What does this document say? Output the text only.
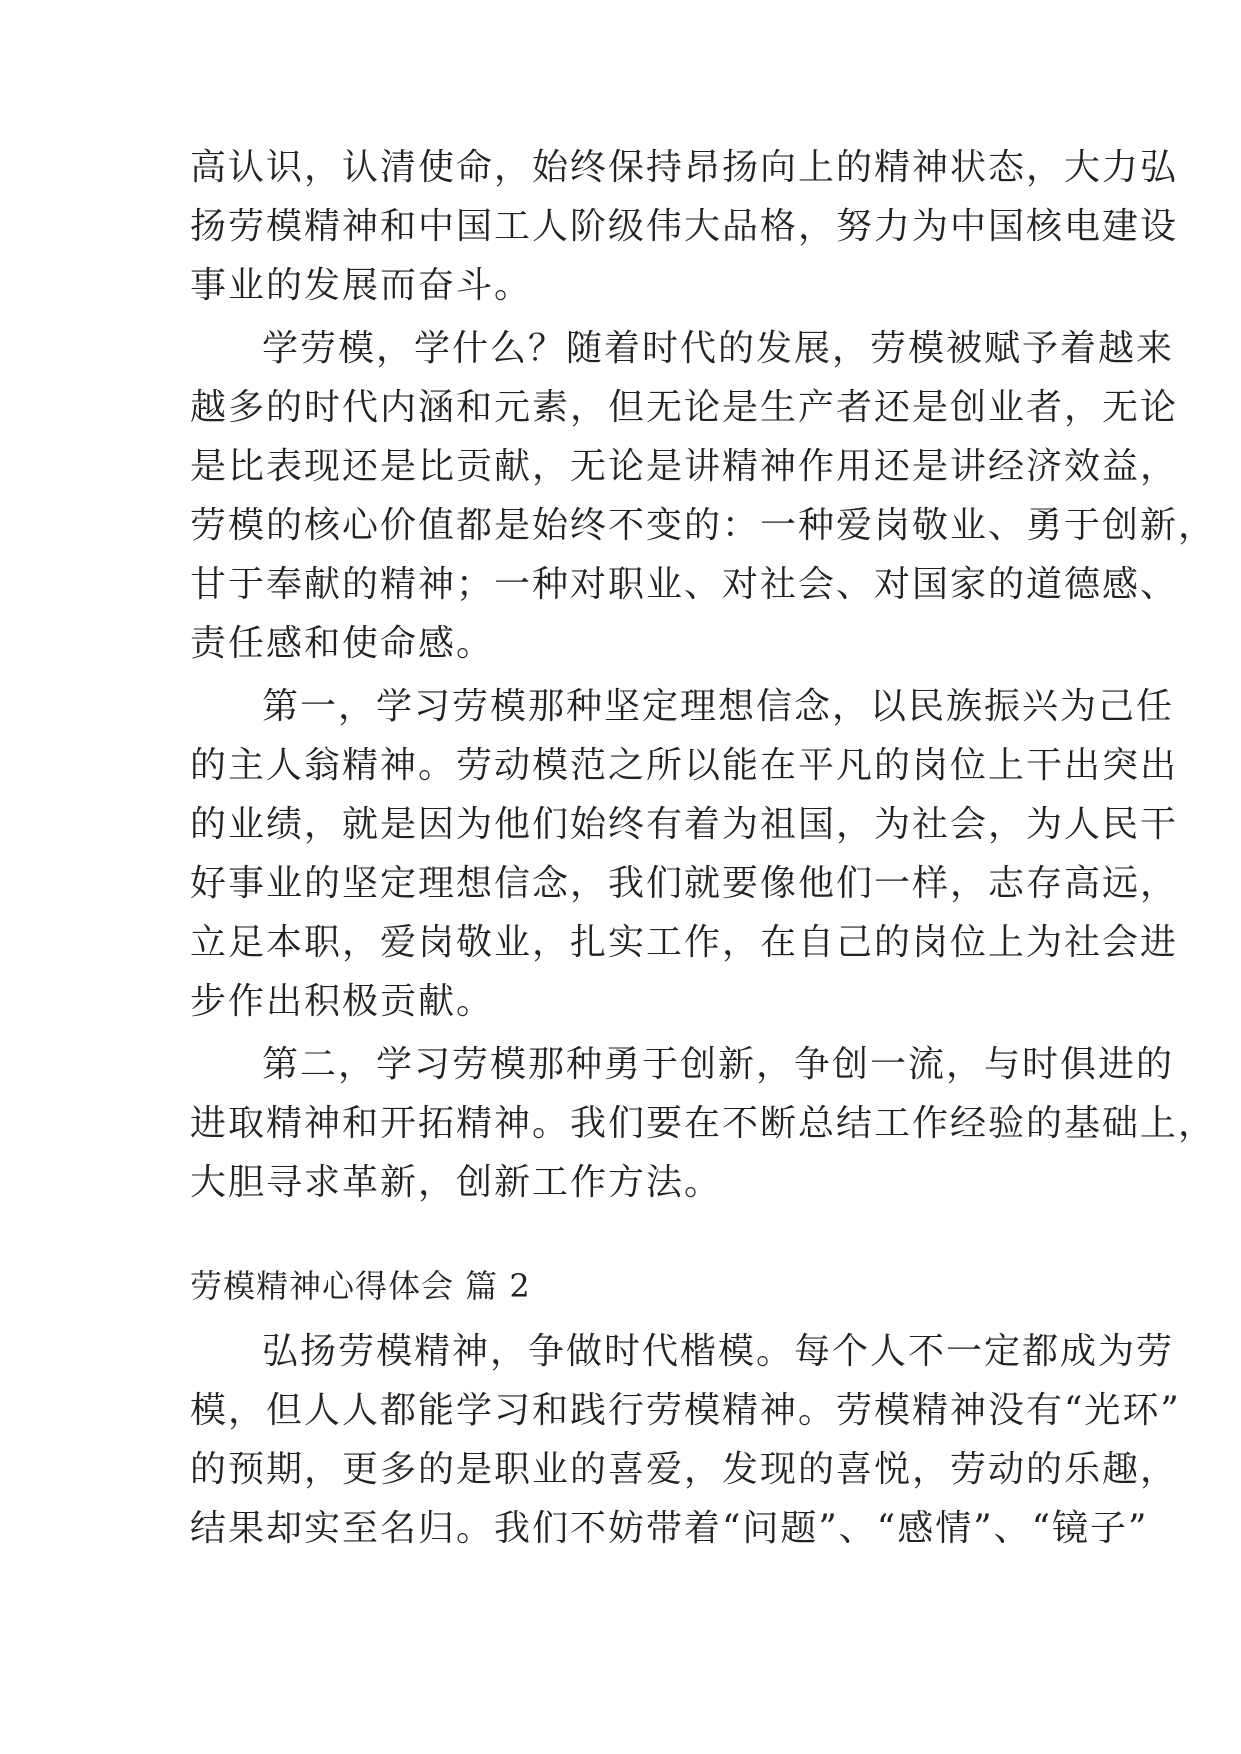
高认识，认清使命，始终保持昂扬向上的精神状态，大力弘
扬劳模精神和中国工人阶级伟大品格，努力为中国核电建设
事业的发展而奋斗。
学劳模，学什么？随着时代的发展，劳模被赋予着越来
越多的时代内涵和元素，但无论是生产者还是创业者，无论
是比表现还是比贡献，无论是讲精神作用还是讲经济效益，
劳模的核心价值都是始终不变的：一种爱岗敬业、勇于创新，
甘于奉献的精神；一种对职业、对社会、对国家的道德感、
责任感和使命感。
第一，学习劳模那种坚定理想信念，以民族振兴为己任
的主人翁精神。劳动模范之所以能在平凡的岗位上干出突出
的业绩，就是因为他们始终有着为祖国，为社会，为人民干
好事业的坚定理想信念，我们就要像他们一样，志存高远，
立足本职，爱岗敬业，扎实工作，在自己的岗位上为社会进
步作出积极贡献。
第二，学习劳模那种勇于创新，争创一流，与时俱进的
进取精神和开拓精神。我们要在不断总结工作经验的基础上，
大胆寻求革新，创新工作方法。
劳模精神心得体会 篇 2
弘扬劳模精神，争做时代楷模。每个人不一定都成为劳
模，但人人都能学习和践行劳模精神。劳模精神没有“光环”
的预期，更多的是职业的喜爱，发现的喜悦，劳动的乐趣，
结果却实至名归。我们不妨带着“问题”、“感情”、“镜子”
